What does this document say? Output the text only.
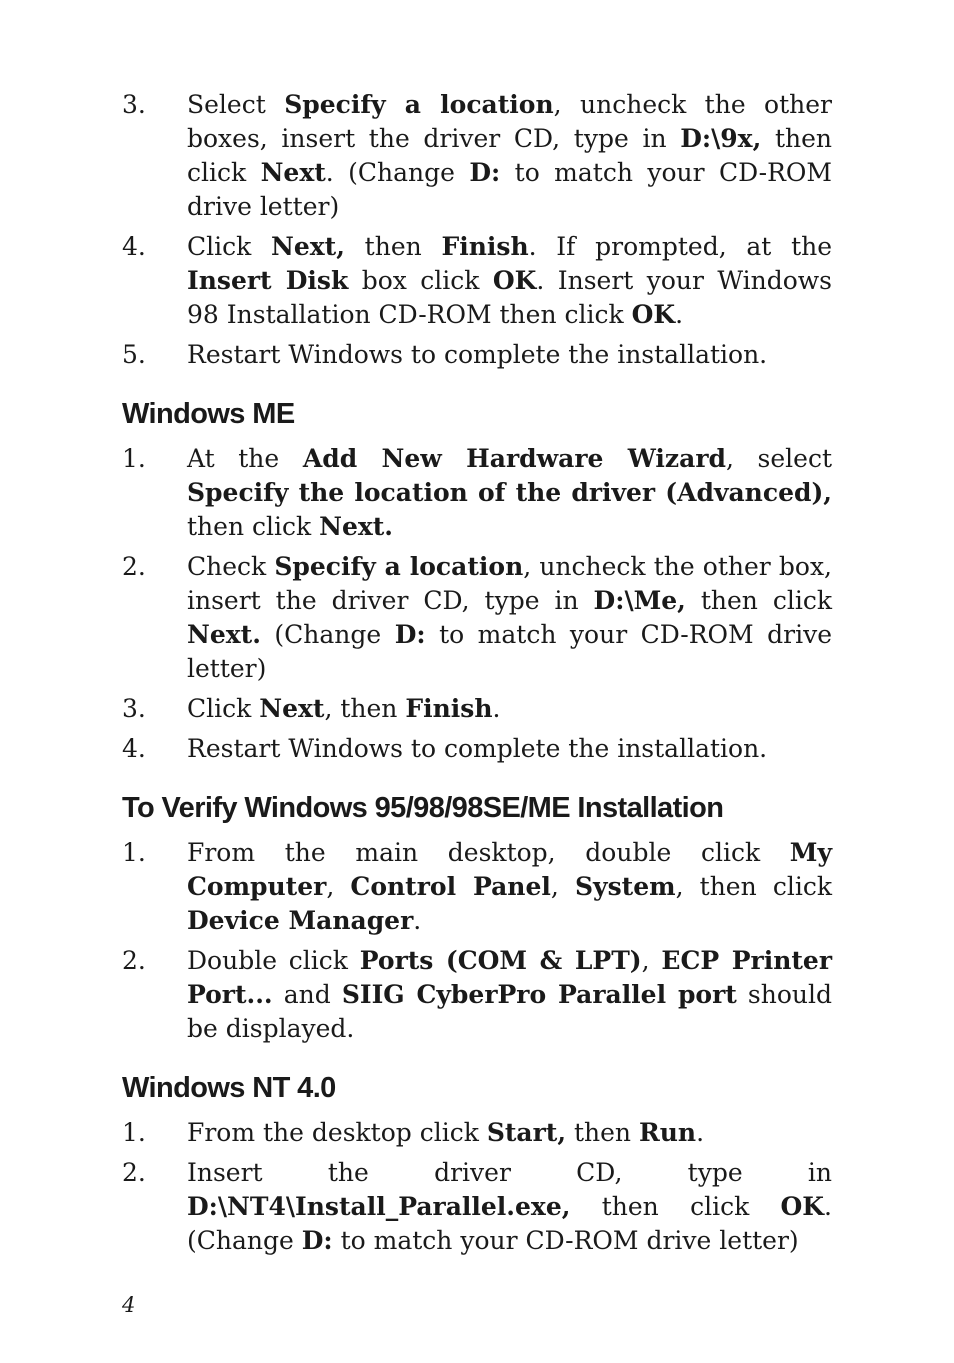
3.	Select Specify a location, uncheck the other boxes, insert the driver CD, type in D:\9x, then click Next. (Change D: to match your CD-ROM drive letter)
4.	Click Next, then Finish. If prompted, at the Insert Disk box click OK. Insert your Windows 98 Installation CD-ROM then click OK.
5.	Restart Windows to complete the installation.
Windows ME
1.	At the Add New Hardware Wizard, select Specify the location of the driver (Advanced), then click Next.
2.	Check Specify a location, uncheck the other box, insert the driver CD, type in D:\Me, then click Next. (Change D: to match your CD-ROM drive letter)
3.	Click Next, then Finish.
4.	Restart Windows to complete the installation.
To Verify Windows 95/98/98SE/ME Installation
1.	From the main desktop, double click My Computer, Control Panel, System, then click Device Manager.
2.	Double click Ports (COM & LPT), ECP Printer Port... and SIIG CyberPro Parallel port should be displayed.
Windows NT 4.0
1.	From the desktop click Start, then Run.
2.	Insert the driver CD, type in D:\NT4\Install_Parallel.exe, then click OK. (Change D: to match your CD-ROM drive letter)
4
